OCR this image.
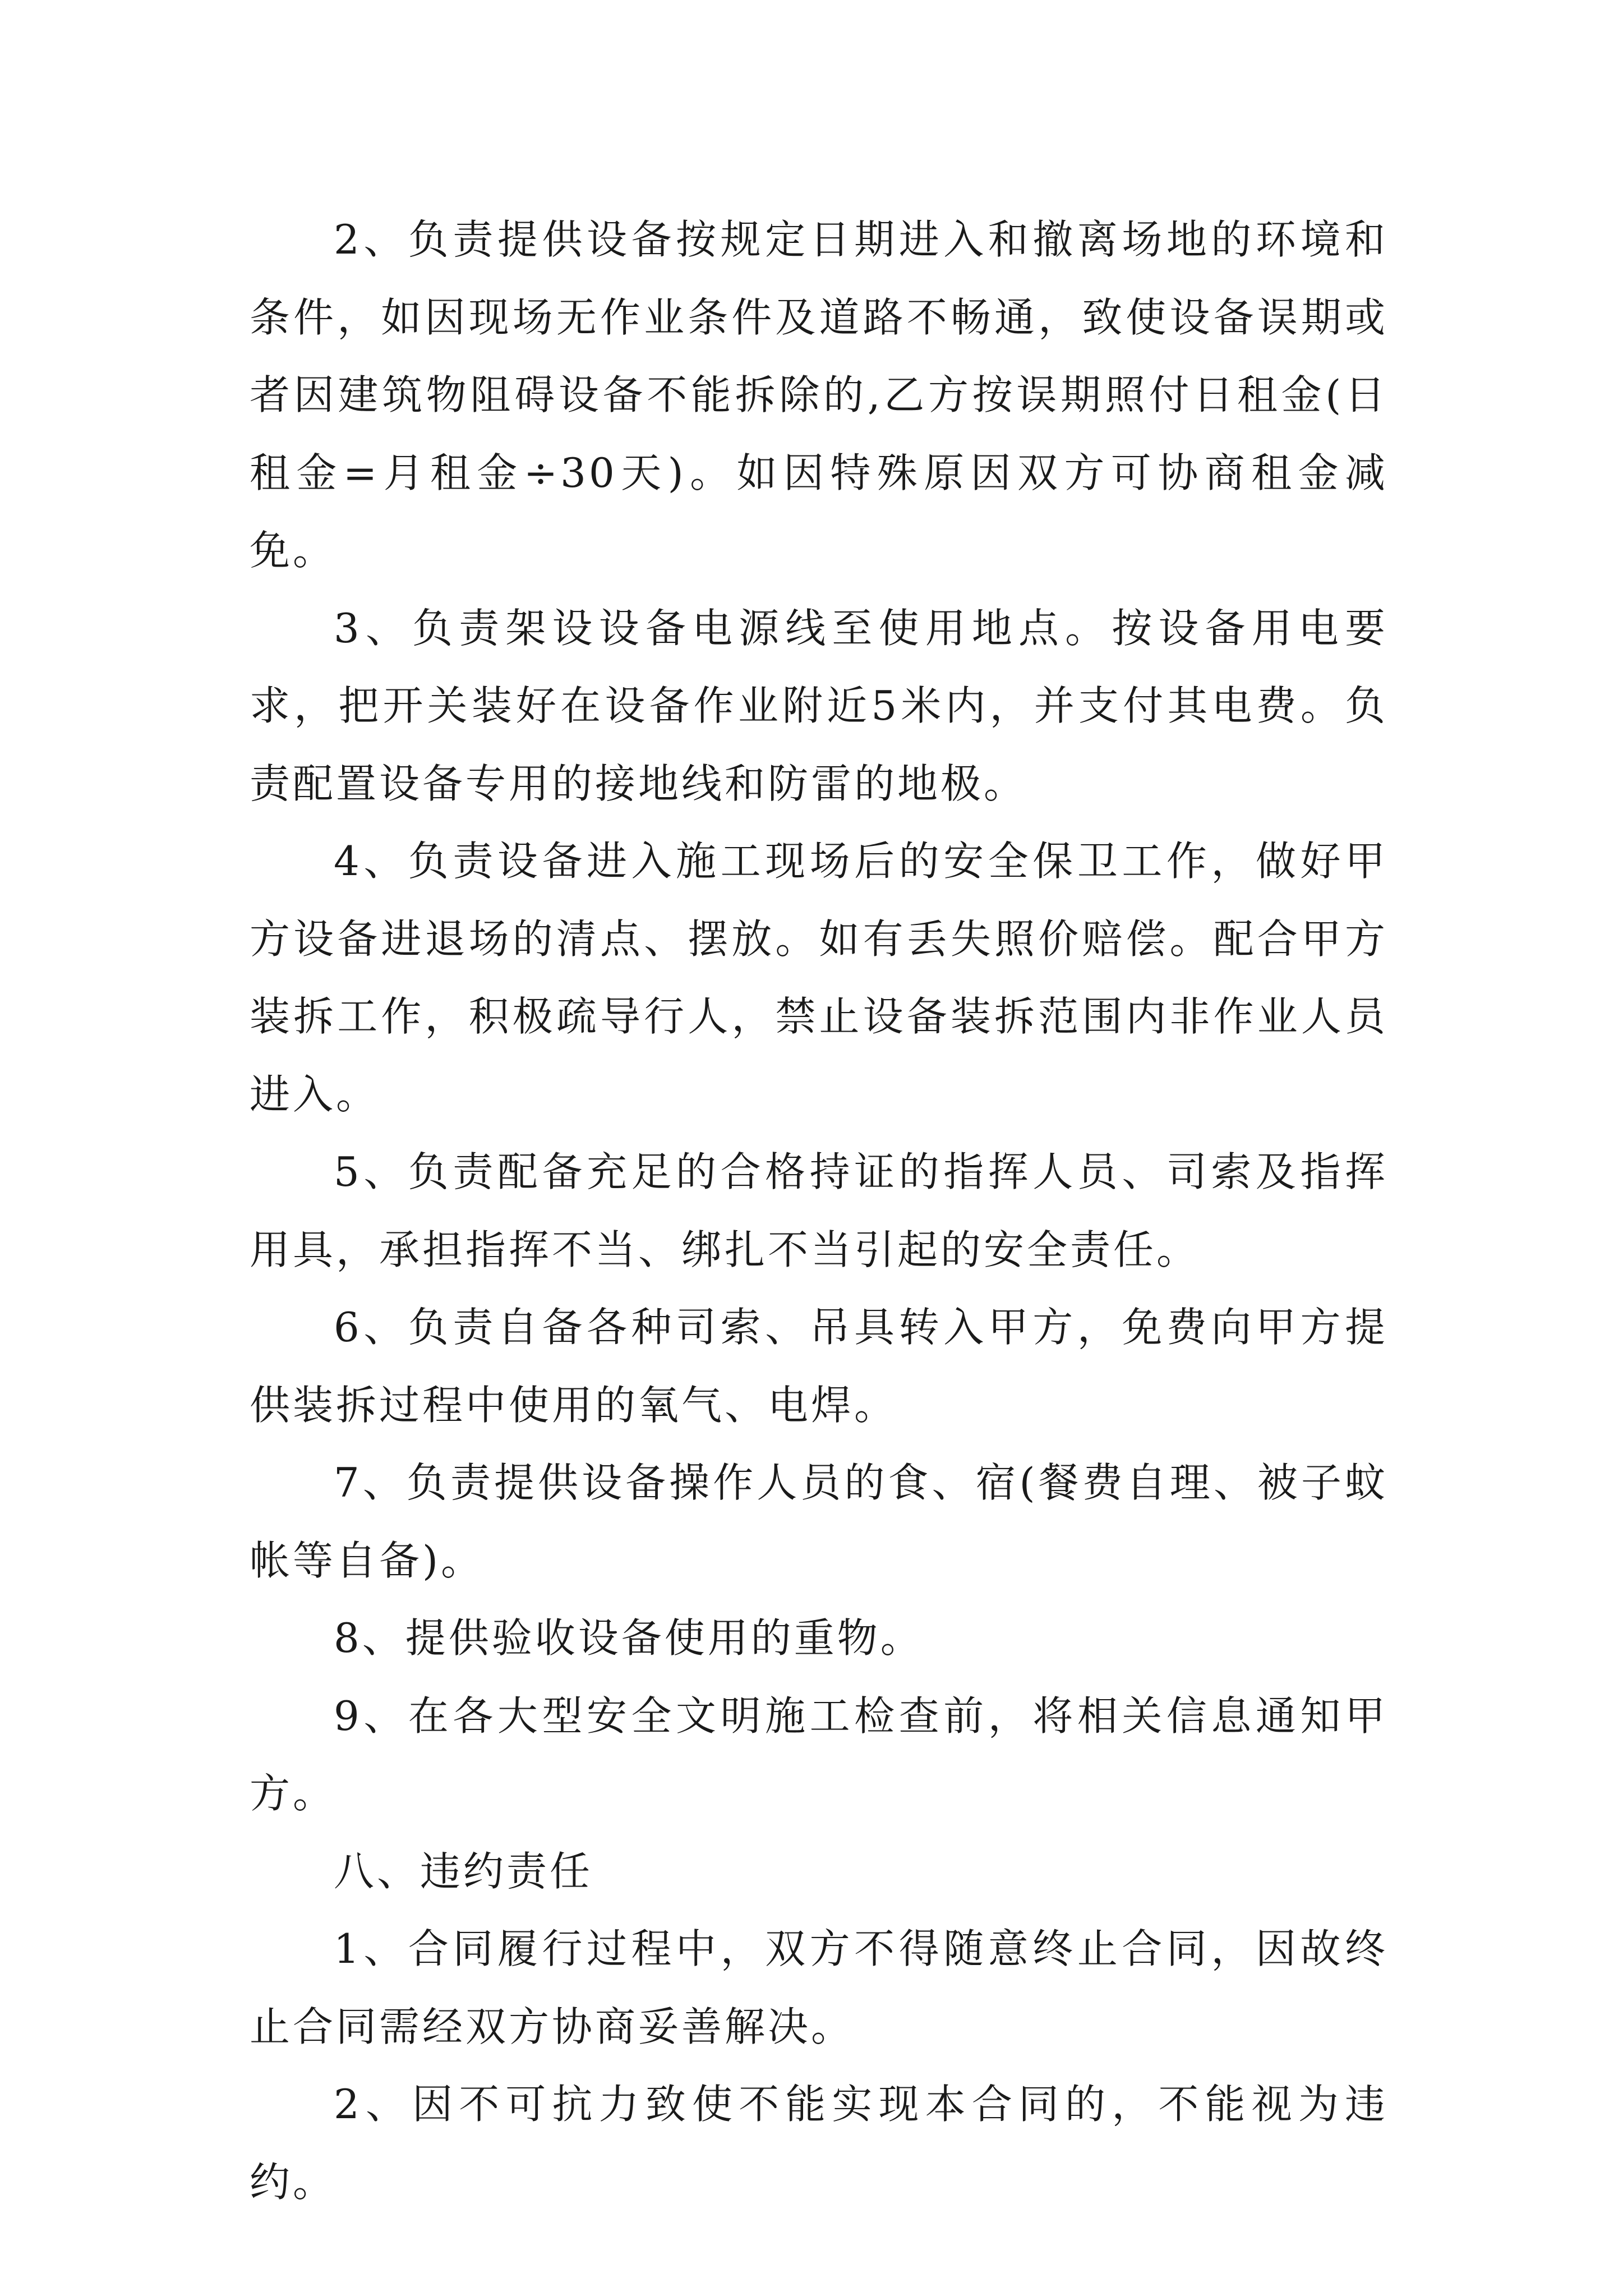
2、负责提供设备按规定日期进入和撤离场地的环境和条件，如因现场无作业条件及道路不畅通，致使设备误期或者因建筑物阻碍设备不能拆除的,乙方按误期照付日租金(日租金=月租金÷30天)。如因特殊原因双方可协商租金减免。

3、负责架设设备电源线至使用地点。按设备用电要求，把开关装好在设备作业附近5米内，并支付其电费。负责配置设备专用的接地线和防雷的地极。

4、负责设备进入施工现场后的安全保卫工作，做好甲方设备进退场的清点、摆放。如有丢失照价赔偿。配合甲方装拆工作，积极疏导行人，禁止设备装拆范围内非作业人员进入。

5、负责配备充足的合格持证的指挥人员、司索及指挥用具，承担指挥不当、绑扎不当引起的安全责任。

6、负责自备各种司索、吊具转入甲方，免费向甲方提供装拆过程中使用的氧气、电焊。

7、负责提供设备操作人员的食、宿(餐费自理、被子蚊帐等自备)。

8、提供验收设备使用的重物。

9、在各大型安全文明施工检查前，将相关信息通知甲方。

八、违约责任

1、合同履行过程中，双方不得随意终止合同，因故终止合同需经双方协商妥善解决。

2、因不可抗力致使不能实现本合同的，不能视为违约。
